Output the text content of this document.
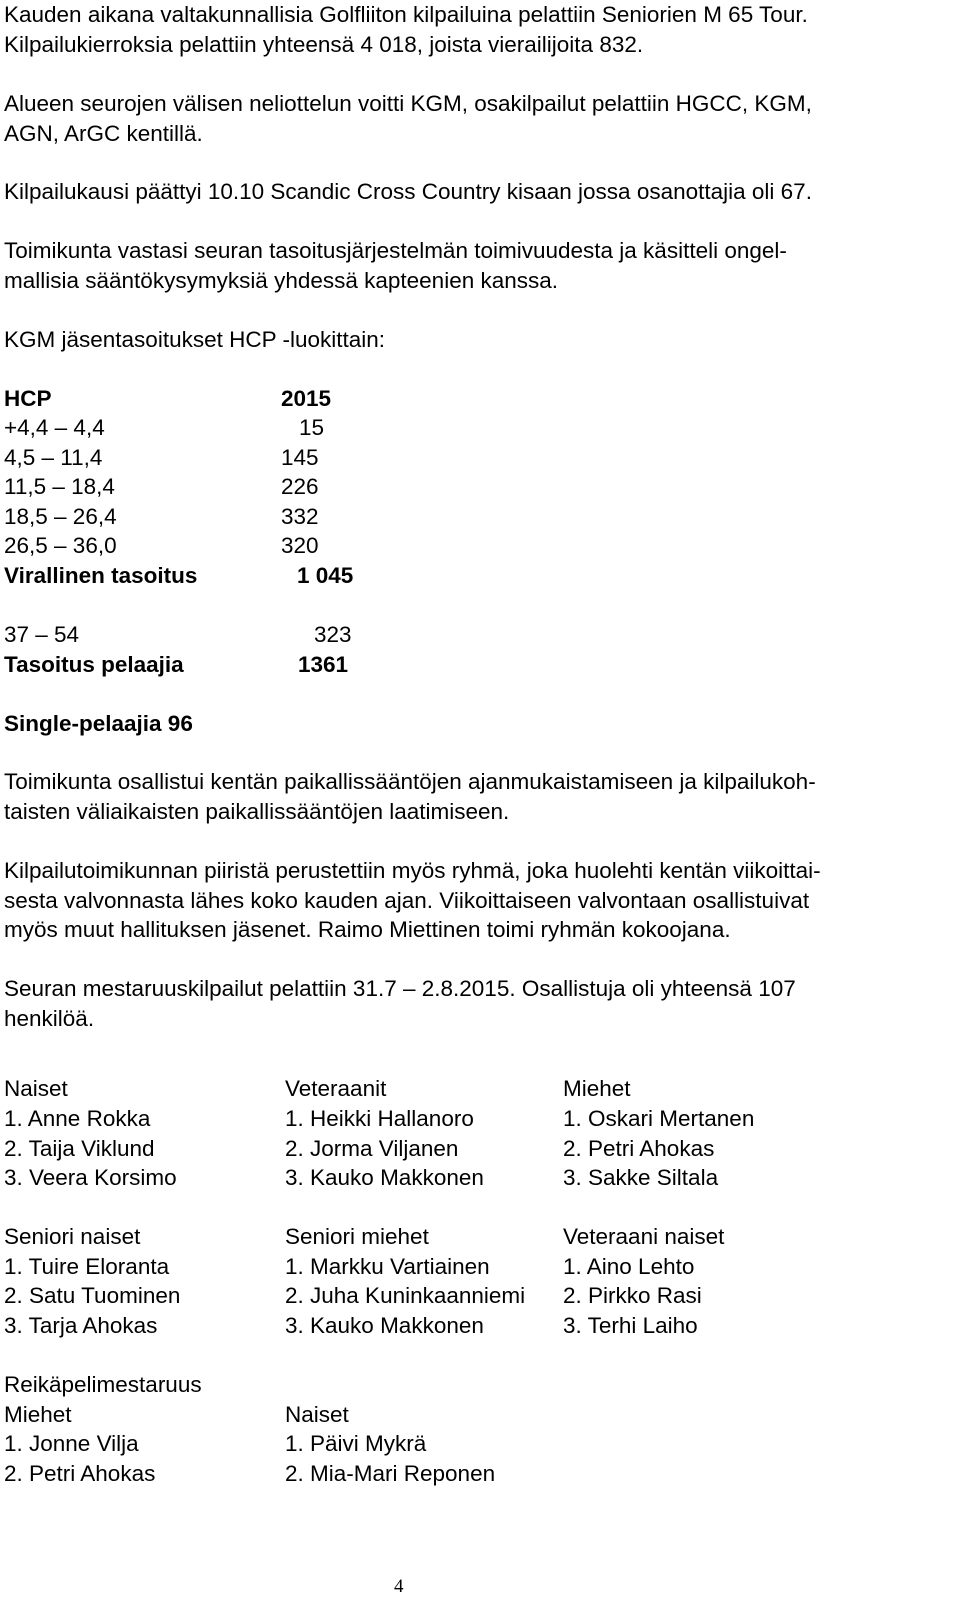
Kauden aikana valtakunnallisia Golfliiton kilpailuina pelattiin Seniorien M 65 Tour.
Kilpailukierroksia pelattiin yhteensä 4 018, joista vierailijoita 832.
Alueen seurojen välisen neliottelun voitti KGM, osakilpailut pelattiin HGCC, KGM,
AGN, ArGC kentillä.
Kilpailukausi päättyi 10.10 Scandic Cross Country kisaan jossa osanottajia oli 67.
Toimikunta vastasi seuran tasoitusjärjestelmän toimivuudesta ja käsitteli ongel-
mallisia sääntökysymyksiä yhdessä kapteenien kanssa.
KGM jäsentasoitukset HCP -luokittain:
HCP	2015
+4,4 – 4,4	15
4,5 – 11,4	145
11,5 – 18,4	226
18,5 – 26,4	332
26,5 – 36,0	320
Virallinen tasoitus	1 045
37 – 54	323
Tasoitus pelaajia	1361
Single-pelaajia 96
Toimikunta osallistui kentän paikallissääntöjen ajanmukaistamiseen ja kilpailukoh-
taisten väliaikaisten paikallissääntöjen laatimiseen.
Kilpailutoimikunnan piiristä perustettiin myös ryhmä, joka huolehti kentän viikoittai-
sesta valvonnasta lähes koko kauden ajan. Viikoittaiseen valvontaan osallistuivat
myös muut hallituksen jäsenet. Raimo Miettinen toimi ryhmän kokoojana.
Seuran mestaruuskilpailut pelattiin 31.7 – 2.8.2015. Osallistuja oli yhteensä 107
henkilöä.
Naiset	Veteraanit	Miehet
1. Anne Rokka	1. Heikki Hallanoro	1. Oskari Mertanen
2. Taija Viklund	2. Jorma Viljanen	2. Petri Ahokas
3. Veera Korsimo	3. Kauko Makkonen	3. Sakke Siltala
Seniori naiset	Seniori miehet	Veteraani naiset
1. Tuire Eloranta	1. Markku Vartiainen	1. Aino Lehto
2. Satu Tuominen	2. Juha Kuninkaanniemi 2. Pirkko Rasi
3. Tarja Ahokas	3. Kauko Makkonen	3. Terhi Laiho
Reikäpelimestaruus
Miehet	Naiset
1. Jonne Vilja	1. Päivi Mykrä
2. Petri Ahokas	2. Mia-Mari Reponen
4
